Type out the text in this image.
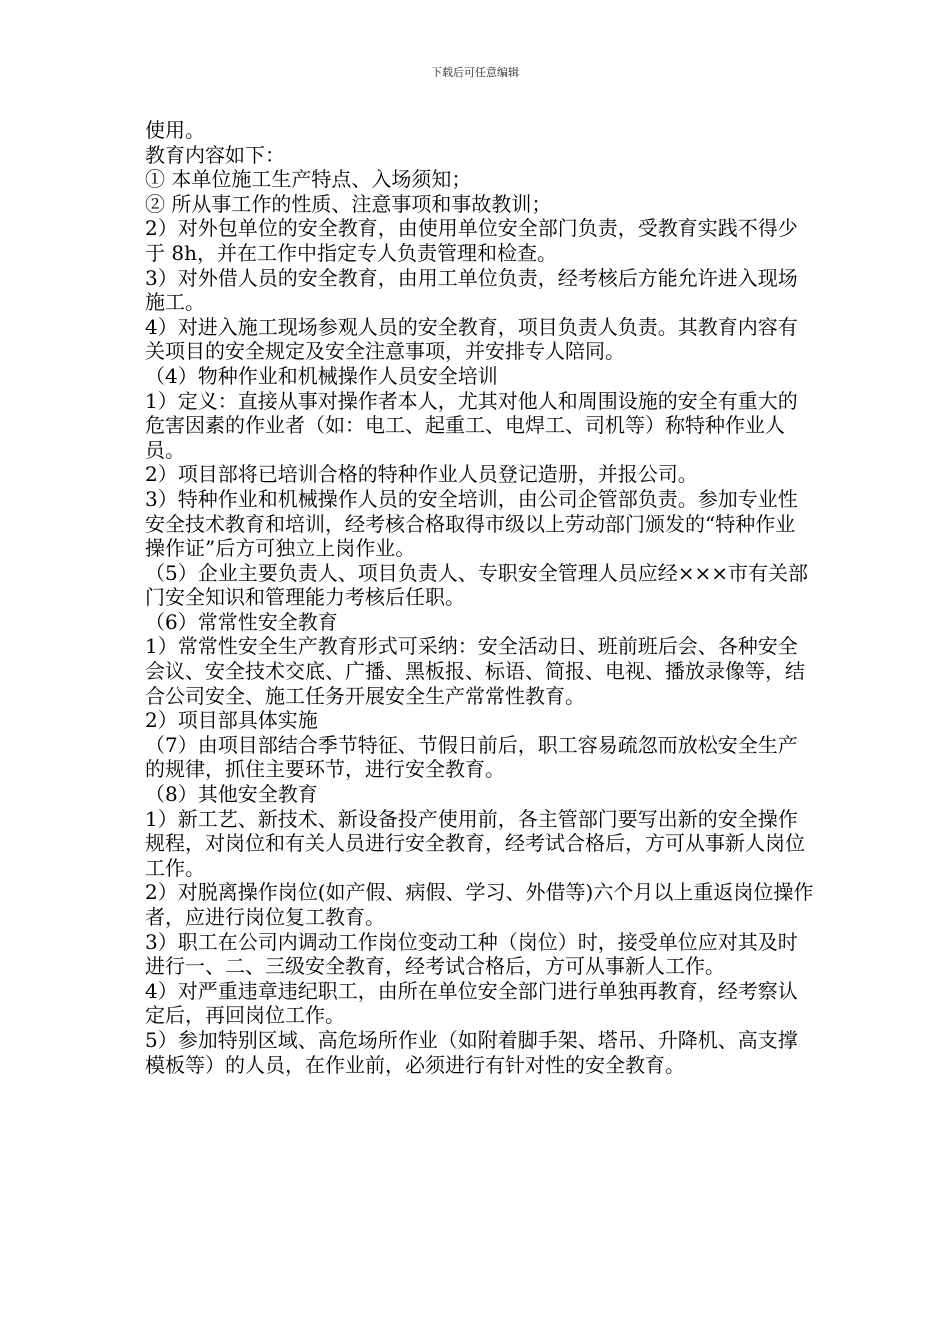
下载后可任意编辑

使用。

教育内容如下：

① 本单位施工生产特点、入场须知；

② 所从事工作的性质、注意事项和事故教训；

2）对外包单位的安全教育，由使用单位安全部门负责，受教育实践不得少于 8h，并在工作中指定专人负责管理和检查。

3）对外借人员的安全教育，由用工单位负责，经考核后方能允许进入现场施工。

4）对进入施工现场参观人员的安全教育，项目负责人负责。其教育内容有关项目的安全规定及安全注意事项，并安排专人陪同。

（4）物种作业和机械操作人员安全培训

1）定义：直接从事对操作者本人，尤其对他人和周围设施的安全有重大的危害因素的作业者（如：电工、起重工、电焊工、司机等）称特种作业人员。

2）项目部将已培训合格的特种作业人员登记造册，并报公司。

3）特种作业和机械操作人员的安全培训，由公司企管部负责。参加专业性安全技术教育和培训，经考核合格取得市级以上劳动部门颁发的“特种作业操作证”后方可独立上岗作业。

（5）企业主要负责人、项目负责人、专职安全管理人员应经×××市有关部门安全知识和管理能力考核后任职。

（6）常常性安全教育

1）常常性安全生产教育形式可采纳：安全活动日、班前班后会、各种安全会议、安全技术交底、广播、黑板报、标语、简报、电视、播放录像等，结合公司安全、施工任务开展安全生产常常性教育。

2）项目部具体实施

（7）由项目部结合季节特征、节假日前后，职工容易疏忽而放松安全生产的规律，抓住主要环节，进行安全教育。

（8）其他安全教育

1）新工艺、新技术、新设备投产使用前，各主管部门要写出新的安全操作规程，对岗位和有关人员进行安全教育，经考试合格后，方可从事新人岗位工作。

2）对脱离操作岗位(如产假、病假、学习、外借等)六个月以上重返岗位操作者，应进行岗位复工教育。

3）职工在公司内调动工作岗位变动工种（岗位）时，接受单位应对其及时进行一、二、三级安全教育，经考试合格后，方可从事新人工作。

4）对严重违章违纪职工，由所在单位安全部门进行单独再教育，经考察认定后，再回岗位工作。

5）参加特别区域、高危场所作业（如附着脚手架、塔吊、升降机、高支撑模板等）的人员，在作业前，必须进行有针对性的安全教育。
